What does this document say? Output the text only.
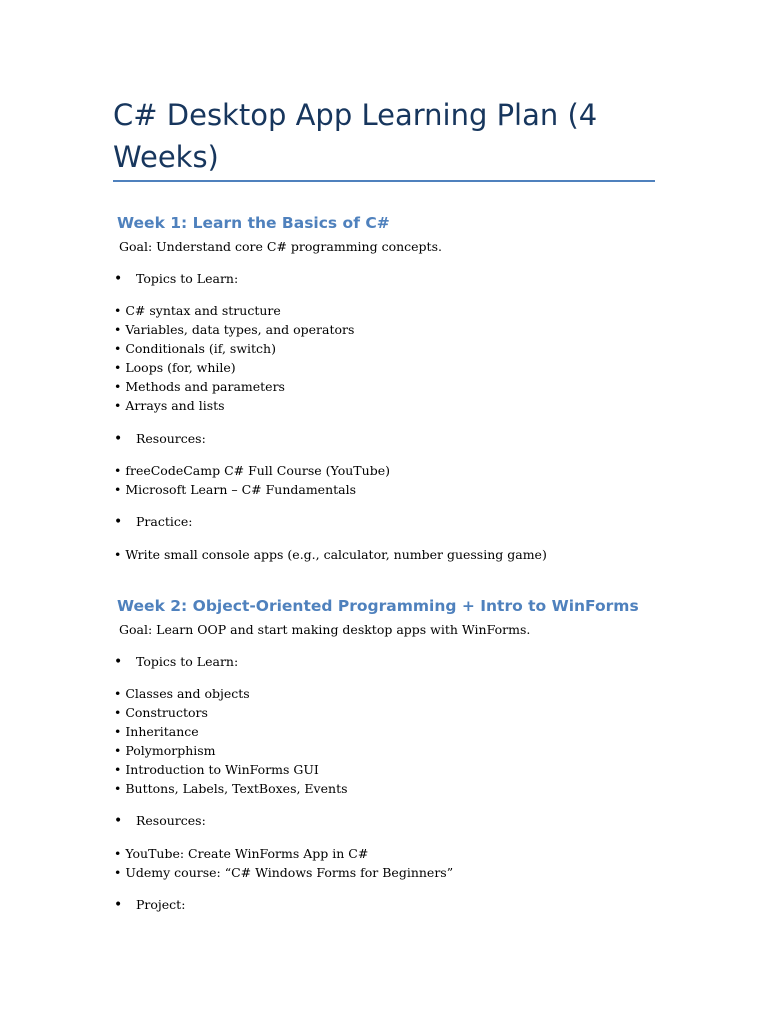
C# Desktop App Learning Plan (4 Weeks)
Week 1: Learn the Basics of C#
Goal: Understand core C# programming concepts.
• Topics to Learn:
• C# syntax and structure
• Variables, data types, and operators
• Conditionals (if, switch)
• Loops (for, while)
• Methods and parameters
• Arrays and lists
• Resources:
• freeCodeCamp C# Full Course (YouTube)
• Microsoft Learn – C# Fundamentals
• Practice:
• Write small console apps (e.g., calculator, number guessing game)
Week 2: Object-Oriented Programming + Intro to WinForms
Goal: Learn OOP and start making desktop apps with WinForms.
• Topics to Learn:
• Classes and objects
• Constructors
• Inheritance
• Polymorphism
• Introduction to WinForms GUI
• Buttons, Labels, TextBoxes, Events
• Resources:
• YouTube: Create WinForms App in C#
• Udemy course: “C# Windows Forms for Beginners”
• Project:
